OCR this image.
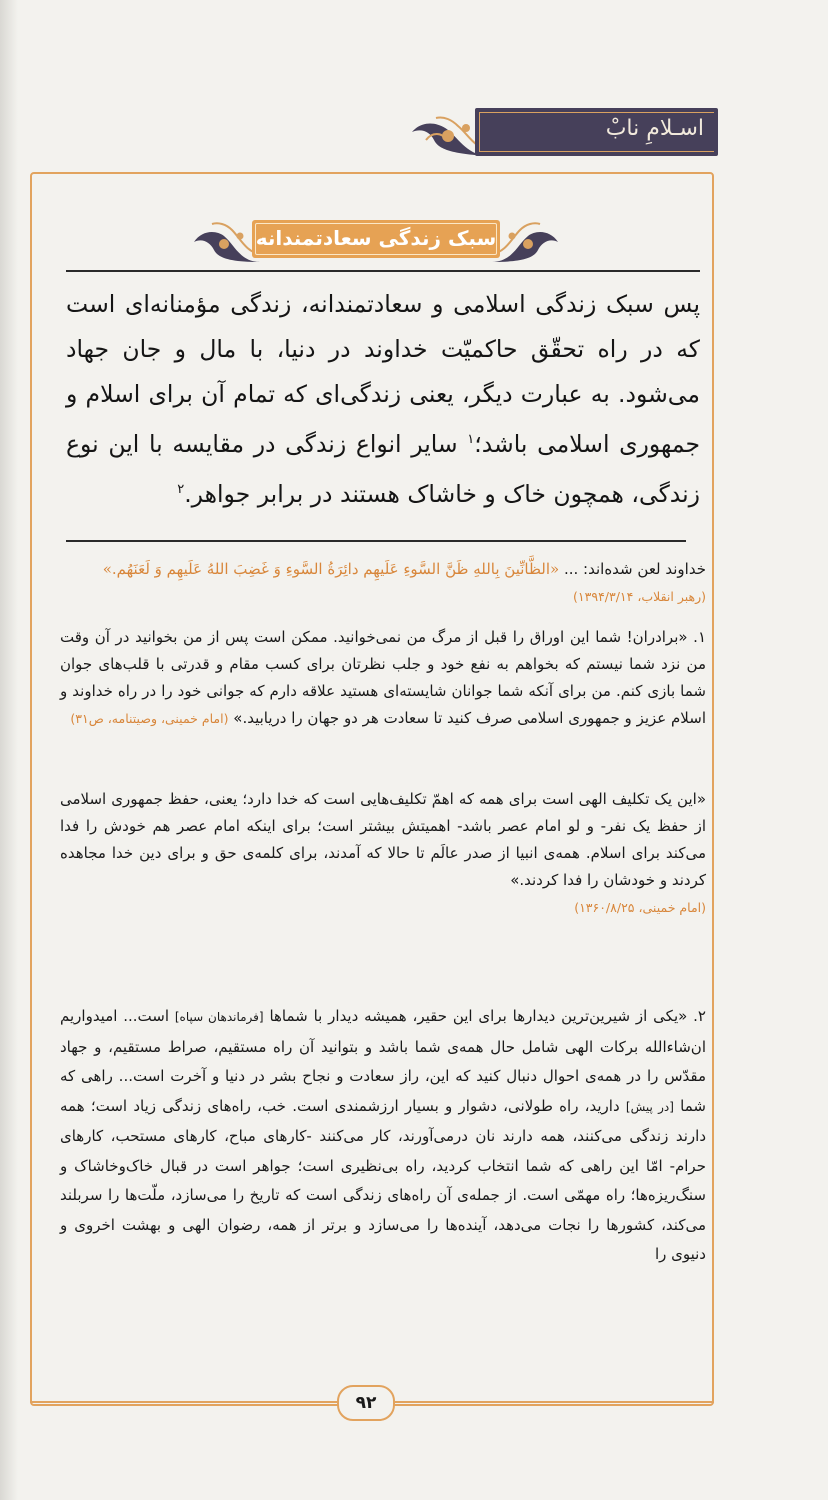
اسـلامِ نابْ
سبک زندگی سعادتمندانه
پس سبک زندگی اسلامی و سعادتمندانه، زندگی مؤمنانه‌ای است که در راه تحقّق حاکمیّت خداوند در دنیا، با مال و جان جهاد می‌شود. به عبارت دیگر، یعنی زندگی‌ای که تمام آن برای اسلام و جمهوری اسلامی باشد؛$^۱$ سایر انواع زندگی در مقایسه با این نوع زندگی، همچون خاک و خاشاک هستند در برابر جواهر.$^۲$
خداوند لعن شده‌اند: ... «الظَّانِّینَ بِاللهِ ظَنَّ السَّوءِ عَلَیهِم دائِرَةُ السَّوءِ وَ غَضِبَ اللهُ عَلَیهِم وَ لَعَنَهُم.»
(رهبر انقلاب، ۱۳۹۴/۳/۱۴)
۱. «برادران! شما این اوراق را قبل از مرگ من نمی‌خوانید. ممکن است پس از من بخوانید در آن وقت من نزد شما نیستم که بخواهم به نفع خود و جلب نظرتان برای کسب مقام و قدرتی با قلب‌های جوان شما بازی کنم. من برای آنکه شما جوانان شایسته‌ای هستید علاقه دارم که جوانی خود را در راه خداوند و اسلام عزیز و جمهوری اسلامی صرف کنید تا سعادت هر دو جهان را دریابید.» (امام خمینی، وصیتنامه، ص۳۱)
«این یک تکلیف الهی است برای همه که اهمّ تکلیف‌هایی است که خدا دارد؛ یعنی، حفظ جمهوری اسلامی از حفظ یک نفر- و لو امام عصر باشد- اهمیتش بیشتر است؛ برای اینکه امام عصر هم خودش را فدا می‌کند برای اسلام. همه‌ی انبیا از صدر عالَم تا حالا که آمدند، برای کلمه‌ی حق و برای دین خدا مجاهده کردند و خودشان را فدا کردند.»
(امام خمینی، ۱۳۶۰/۸/۲۵)
۲. «یکی از شیرین‌ترین دیدارها برای این حقیر، همیشه دیدار با شماها [فرماندهان سپاه] است... امیدواریم ان‌شاءالله برکات الهی شامل حال همه‌ی شما باشد و بتوانید آن راه مستقیم، صراط مستقیم، و جهاد مقدّس را در همه‌ی احوال دنبال کنید که این، راز سعادت و نجاح بشر در دنیا و آخرت است... راهی که شما [در پیش] دارید، راه طولانی، دشوار و بسیار ارزشمندی است. خب، راه‌های زندگی زیاد است؛ همه دارند زندگی می‌کنند، همه دارند نان درمی‌آورند، کار می‌کنند -کارهای مباح، کارهای مستحب، کارهای حرام- امّا این راهی که شما انتخاب کردید، راه بی‌نظیری است؛ جواهر است در قبال خاک‌وخاشاک و سنگ‌ریزه‌ها؛ راه مهمّی است. از جمله‌ی آن راه‌های زندگی است که تاریخ را می‌سازد، ملّت‌ها را سربلند می‌کند، کشورها را نجات می‌دهد، آینده‌ها را می‌سازد و برتر از همه، رضوان الهی و بهشت اخروی و دنیوی را
۹۲
